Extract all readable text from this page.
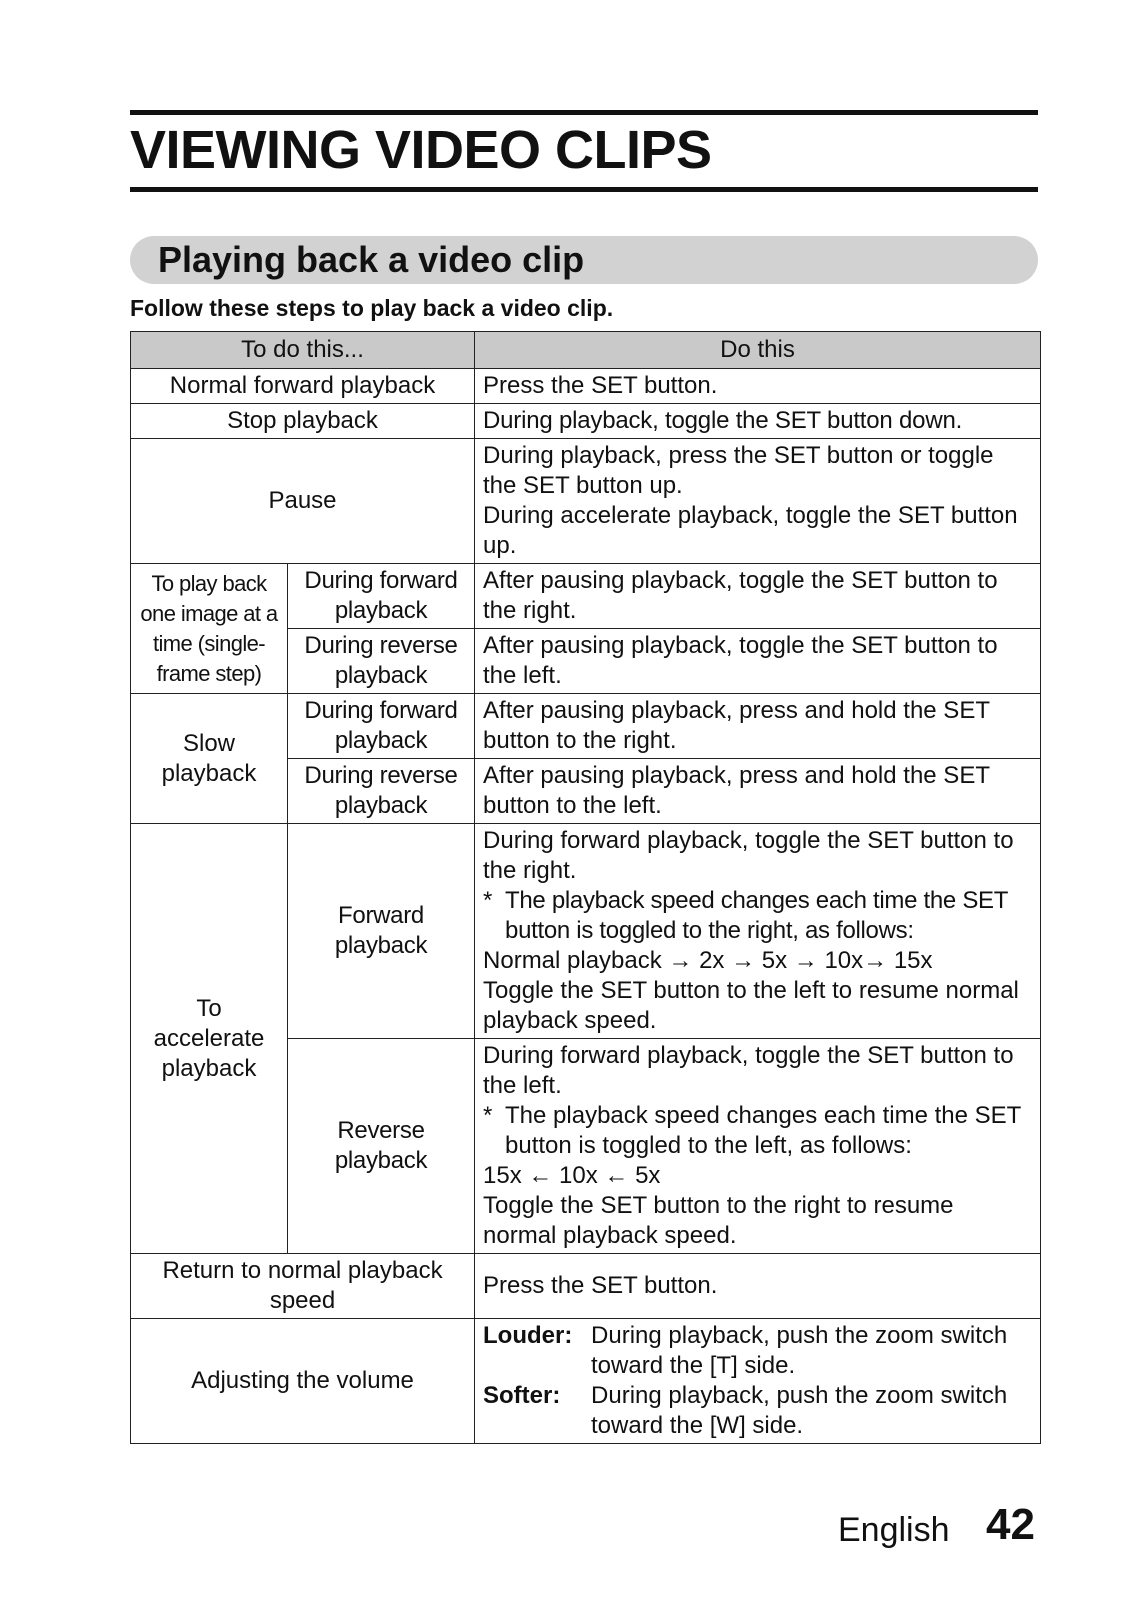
VIEWING VIDEO CLIPS
Playing back a video clip

Follow these steps to play back a video clip.

To do this...		Do this
Normal forward playback		Press the SET button.
Stop playback		During playback, toggle the SET button down.
Pause		During playback, press the SET button or toggle the SET button up.
During accelerate playback, toggle the SET button up.

To play back one image at a time (single-frame step)	During forward playback	After pausing playback, toggle the SET button to the right.
	During reverse playback	After pausing playback, toggle the SET button to the left.
Slow playback	During forward playback	After pausing playback, press and hold the SET button to the right.
	During reverse playback	After pausing playback, press and hold the SET button to the left.
To accelerate playback	Forward playback	During forward playback, toggle the SET button to the right.
* The playback speed changes each time the SET button is toggled to the right, as follows:
Normal playback → 2x → 5x → 10x→ 15x
Toggle the SET button to the left to resume normal playback speed.

	Reverse playback	During forward playback, toggle the SET button to the left.
* The playback speed changes each time the SET button is toggled to the left, as follows:
15x ← 10x ← 5x
Toggle the SET button to the right to resume normal playback speed.

Return to normal playback speed		Press the SET button.
Adjusting the volume		Louder: During playback, push the zoom switch toward the [T] side.
Softer: During playback, push the zoom switch toward the [W] side.
English 42
